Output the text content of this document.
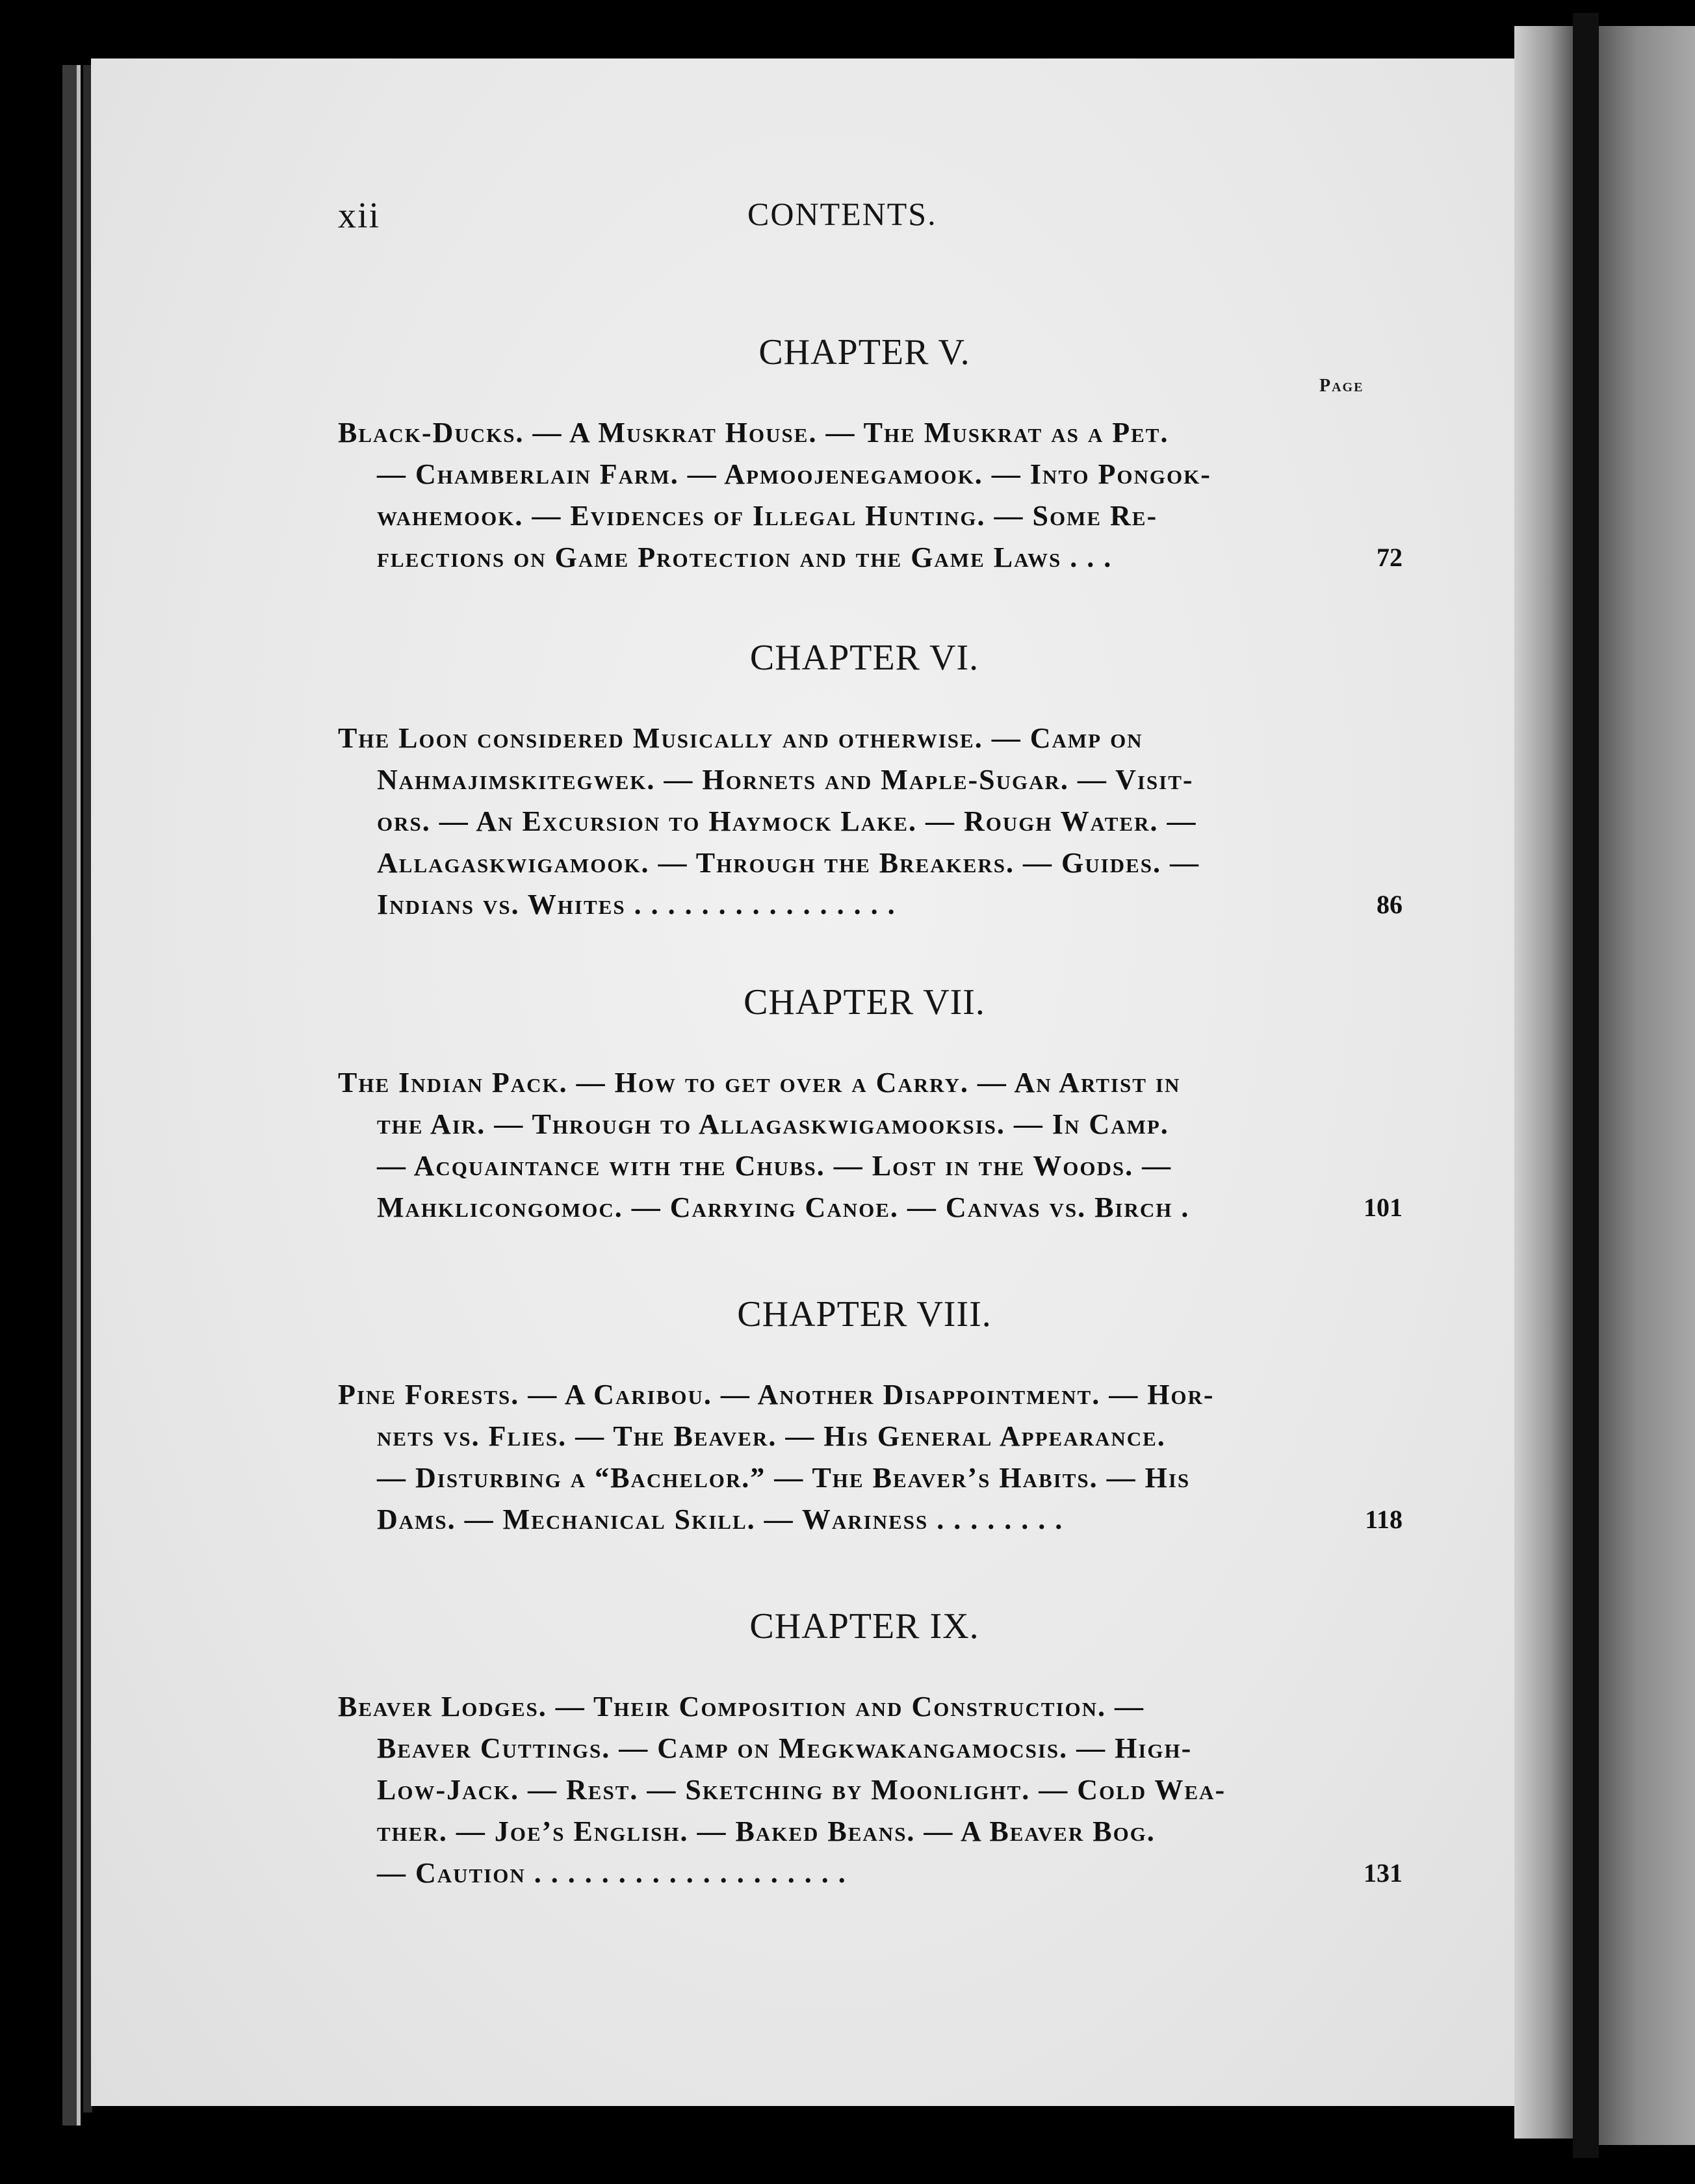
xii	CONTENTS.
Page
CHAPTER V.
Black-Ducks. — A Muskrat House. — The Muskrat as a Pet.
— Chamberlain Farm. — Apmoojenegamook. — Into Pongok-
wahemook. — Evidences of Illegal Hunting. — Some Re-
flections on Game Protection and the Game Laws . . .	72
CHAPTER VI.
The Loon considered Musically and otherwise. — Camp on
Nahmajimskitegwek. — Hornets and Maple-Sugar. — Visit-
ors. — An Excursion to Haymock Lake. — Rough Water. —
Allagaskwigamook. — Through the Breakers. — Guides. —
Indians vs. Whites . . . . . . . . . . . . . . . .	86
CHAPTER VII.
The Indian Pack. — How to get over a Carry. — An Artist in
the Air. — Through to Allagaskwigamooksis. — In Camp.
— Acquaintance with the Chubs. — Lost in the Woods. —
Mahklicongomoc. — Carrying Canoe. — Canvas vs. Birch .	101
CHAPTER VIII.
Pine Forests. — A Caribou. — Another Disappointment. — Hor-
nets vs. Flies. — The Beaver. — His General Appearance.
— Disturbing a “Bachelor.” — The Beaver’s Habits. — His
Dams. — Mechanical Skill. — Wariness . . . . . . . .	118
CHAPTER IX.
Beaver Lodges. — Their Composition and Construction. —
Beaver Cuttings. — Camp on Megkwakangamocsis. — High-
Low-Jack. — Rest. — Sketching by Moonlight. — Cold Wea-
ther. — Joe’s English. — Baked Beans. — A Beaver Bog.
— Caution . . . . . . . . . . . . . . . . . . .	131
